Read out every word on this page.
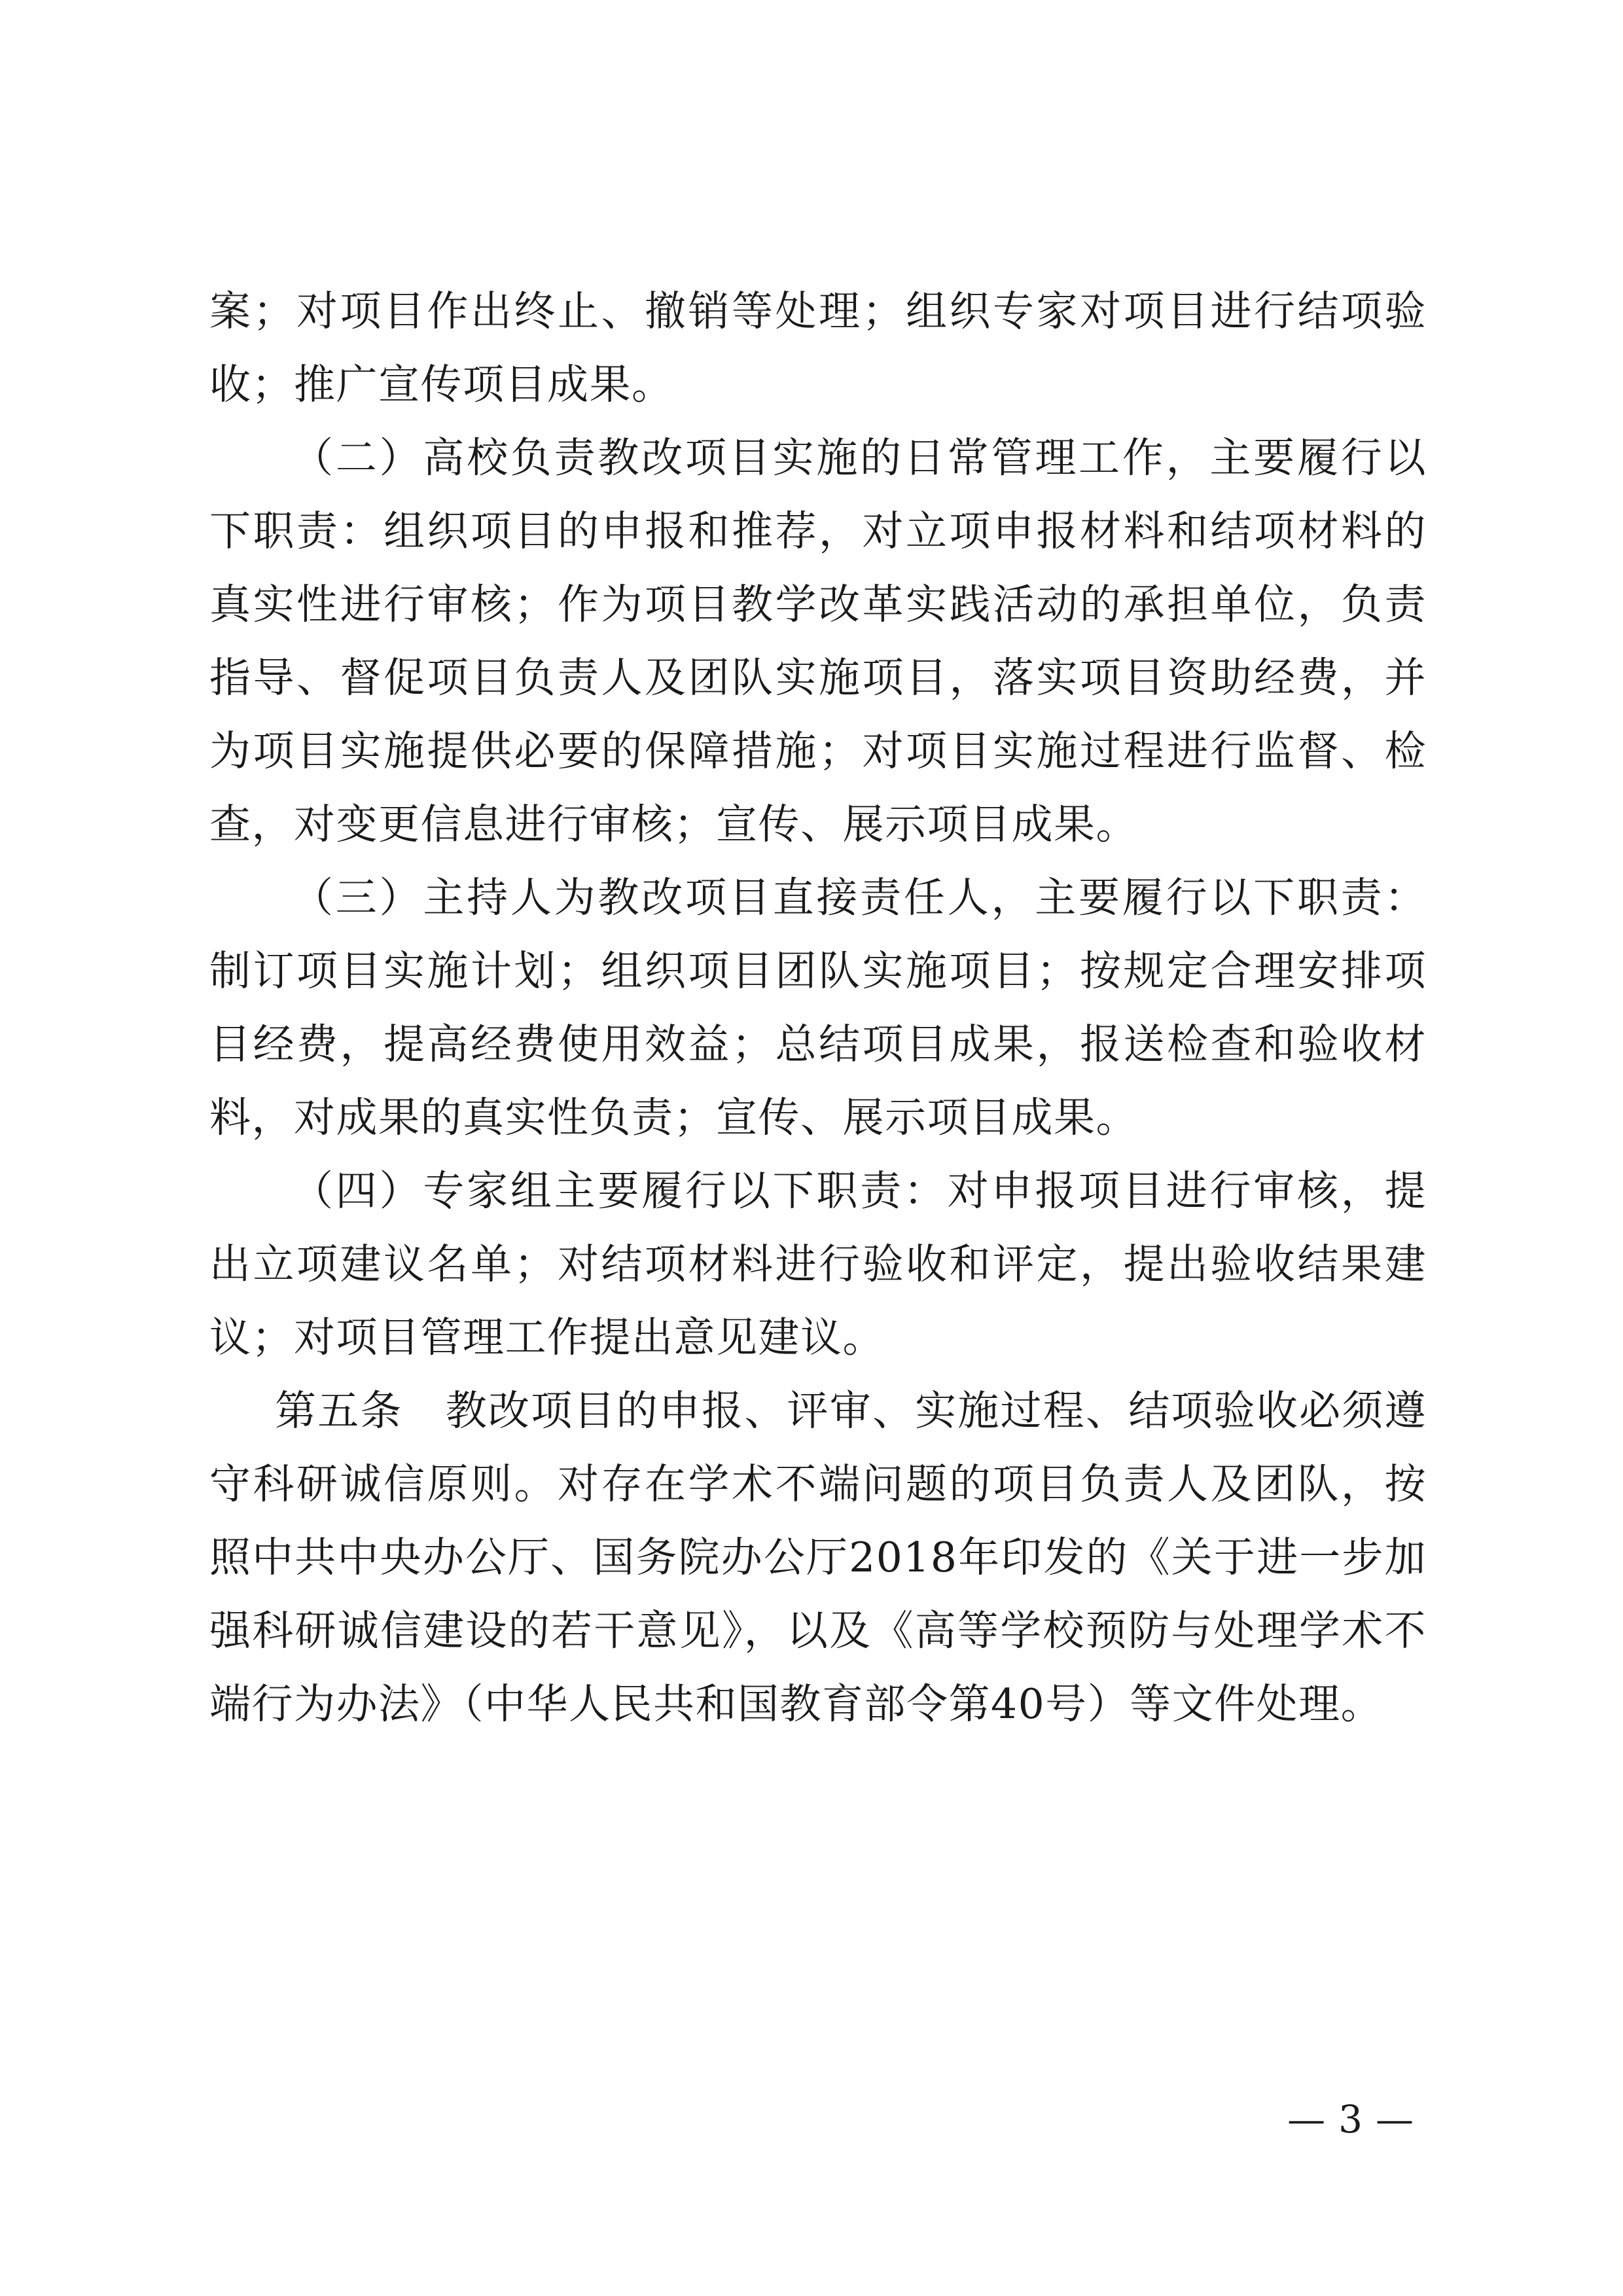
案；对项目作出终止、撤销等处理；组织专家对项目进行结项验收；推广宣传项目成果。

（二）高校负责教改项目实施的日常管理工作，主要履行以下职责：组织项目的申报和推荐，对立项申报材料和结项材料的真实性进行审核；作为项目教学改革实践活动的承担单位，负责指导、督促项目负责人及团队实施项目，落实项目资助经费，并为项目实施提供必要的保障措施；对项目实施过程进行监督、检查，对变更信息进行审核；宣传、展示项目成果。

（三）主持人为教改项目直接责任人，主要履行以下职责：制订项目实施计划；组织项目团队实施项目；按规定合理安排项目经费，提高经费使用效益；总结项目成果，报送检查和验收材料，对成果的真实性负责；宣传、展示项目成果。

（四）专家组主要履行以下职责：对申报项目进行审核，提出立项建议名单；对结项材料进行验收和评定，提出验收结果建议；对项目管理工作提出意见建议。

第五条　教改项目的申报、评审、实施过程、结项验收必须遵守科研诚信原则。对存在学术不端问题的项目负责人及团队，按照中共中央办公厅、国务院办公厅2018年印发的《关于进一步加强科研诚信建设的若干意见》，以及《高等学校预防与处理学术不端行为办法》（中华人民共和国教育部令第40号）等文件处理。

— 3 —
